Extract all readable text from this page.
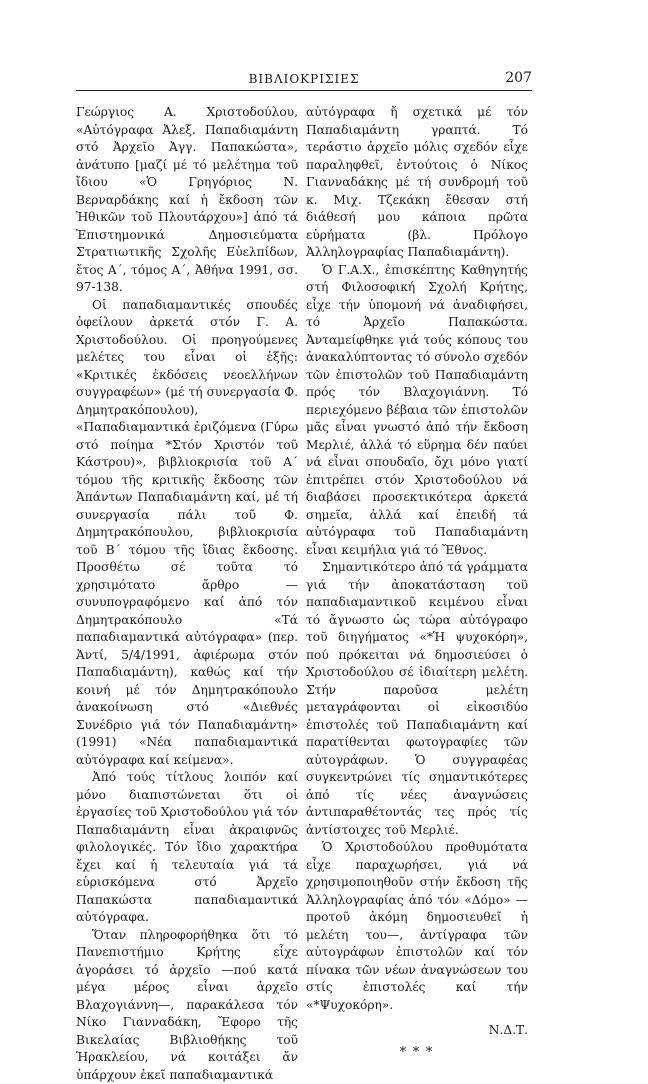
ΒΙΒΛΙΟΚΡΙΣΙΕΣ	207

Γεώργιος Α. Χριστοδούλου, «Αὐτόγραφα Ἀλεξ. Παπαδιαμάντη στό Ἀρχεῖο Ἀγγ. Παπακώστα», ἀνάτυπο [μαζί μέ τό μελέτημα τοῦ ἴδιου «Ὁ Γρηγόριος Ν. Βερναρδάκης καί ἡ ἔκδοση τῶν Ἠθικῶν τοῦ Πλουτάρχου»] ἀπό τά Ἐπιστημονικά Δημοσιεύματα Στρατιωτικῆς Σχολῆς Εὐελπίδων, ἔτος Α΄, τόμος Α΄, Ἀθήνα 1991, σσ. 97-138.

Οἱ παπαδιαμαντικές σπουδές ὀφείλουν ἀρκετά στόν Γ. Α. Χριστοδούλου. Οἱ προηγούμενες μελέτες του εἶναι οἱ ἑξῆς: «Κριτικές ἐκδόσεις νεοελλήνων συγγραφέων» (μέ τή συνεργασία Φ. Δημητρακόπουλου), «Παπαδιαμαντικά ἐριζόμενα (Γύρω στό ποίημα *Στόν Χριστόν τοῦ Κάστρου)», βιβλιοκρισία τοῦ Α΄ τόμου τῆς κριτικῆς ἔκδοσης τῶν Ἁπάντων Παπαδιαμάντη καί, μέ τή συνεργασία πάλι τοῦ Φ. Δημητρακόπουλου, βιβλιοκρισία τοῦ Β΄ τόμου τῆς ἴδιας ἔκδοσης. Προσθέτω σέ τοῦτα τό χρησιμότατο ἄρθρο — συνυπογραφόμενο καί ἀπό τόν Δημητρακόπουλο «Τά παπαδιαμαντικά αὐτόγραφα» (περ. Ἀντί, 5/4/1991, ἀφιέρωμα στόν Παπαδιαμάντη), καθώς καί τήν κοινή μέ τόν Δημητρακόπουλο ἀνακοίνωση στό «Διεθνές Συνέδριο γιά τόν Παπαδιαμάντη» (1991) «Νέα παπαδιαμαντικά αὐτόγραφα καί κείμενα».

Ἀπό τούς τίτλους λοιπόν καί μόνο διαπιστώνεται ὅτι οἱ ἐργασίες τοῦ Χριστοδούλου γιά τόν Παπαδιαμάντη εἶναι ἀκραιφνῶς φιλολογικές. Τόν ἴδιο χαρακτήρα ἔχει καί ἡ τελευταία γιά τά εὑρισκόμενα στό Ἀρχεῖο Παπακώστα παπαδιαμαντικά αὐτόγραφα.

Ὅταν πληροφορήθηκα ὅτι τό Πανεπιστήμιο Κρήτης εἶχε ἀγοράσει τό ἀρχεῖο —πού κατά μέγα μέρος εἶναι ἀρχεῖο Βλαχογιάννη—, παρακάλεσα τόν Νίκο Γιανναδάκη, Ἔφορο τῆς Βικελαίας Βιβλιοθήκης τοῦ Ἡρακλείου, νά κοιτάξει ἄν ὑπάρχουν ἐκεῖ παπαδιαμαντικά

αὐτόγραφα ἤ σχετικά μέ τόν Παπαδιαμάντη γραπτά. Τό τεράστιο ἀρχεῖο μόλις σχεδόν εἶχε παραληφθεῖ, ἐντούτοις ὁ Νίκος Γιανναδάκης μέ τή συνδρομή τοῦ κ. Μιχ. Τζεκάκη ἔθεσαν στή διάθεσή μου κάποια πρῶτα εὑρήματα (βλ. Πρόλογο Ἀλληλογραφίας Παπαδιαμάντη).

Ὁ Γ.Α.Χ., ἐπισκέπτης Καθηγητής στή Φιλοσοφική Σχολή Κρήτης, εἶχε τήν ὑπομονή νά ἀναδιφήσει, τό Ἀρχεῖο Παπακώστα. Ἀνταμείφθηκε γιά τούς κόπους του ἀνακαλύπτοντας τό σύνολο σχεδόν τῶν ἐπιστολῶν τοῦ Παπαδιαμάντη πρός τόν Βλαχογιάννη. Τό περιεχόμενο βέβαια τῶν ἐπιστολῶν μᾶς εἶναι γνωστό ἀπό τήν ἔκδοση Μερλιέ, ἀλλά τό εὕρημα δέν παύει νά εἶναι σπουδαῖο, ὄχι μόνο γιατί ἐπιτρέπει στόν Χριστοδούλου νά διαβάσει προσεκτικότερα ἀρκετά σημεῖα, ἀλλά καί ἐπειδή τά αὐτόγραφα τοῦ Παπαδιαμάντη εἶναι κειμήλια γιά τό Ἔθνος.

Σημαντικότερο ἀπό τά γράμματα γιά τήν ἀποκατάσταση τοῦ παπαδιαμαντικοῦ κειμένου εἶναι τό ἄγνωστο ὡς τώρα αὐτόγραφο τοῦ διηγήματος «*Ἡ ψυχοκόρη», πού πρόκειται νά δημοσιεύσει ὁ Χριστοδούλου σέ ἰδιαίτερη μελέτη. Στήν παροῦσα μελέτη μεταγράφονται οἱ εἰκοσιδύο ἐπιστολές τοῦ Παπαδιαμάντη καί παρατίθενται φωτογραφίες τῶν αὐτογράφων. Ὁ συγγραφέας συγκεντρώνει τίς σημαντικότερες ἀπό τίς νέες ἀναγνώσεις ἀντιπαραθέτοντάς τες πρός τίς ἀντίστοιχες τοῦ Μερλιέ.

Ὁ Χριστοδούλου προθυμότατα εἶχε παραχωρήσει, γιά νά χρησιμοποιηθοῦν στήν ἔκδοση τῆς Ἀλληλογραφίας ἀπό τόν «Δόμο» —προτοῦ ἀκόμη δημοσιευθεῖ ἡ μελέτη του—, ἀντίγραφα τῶν αὐτογράφων ἐπιστολῶν καί τόν πίνακα τῶν νέων ἀναγνώσεων του στίς ἐπιστολές καί τήν «*Ψυχοκόρη».

Ν.Δ.Τ.
* * *
